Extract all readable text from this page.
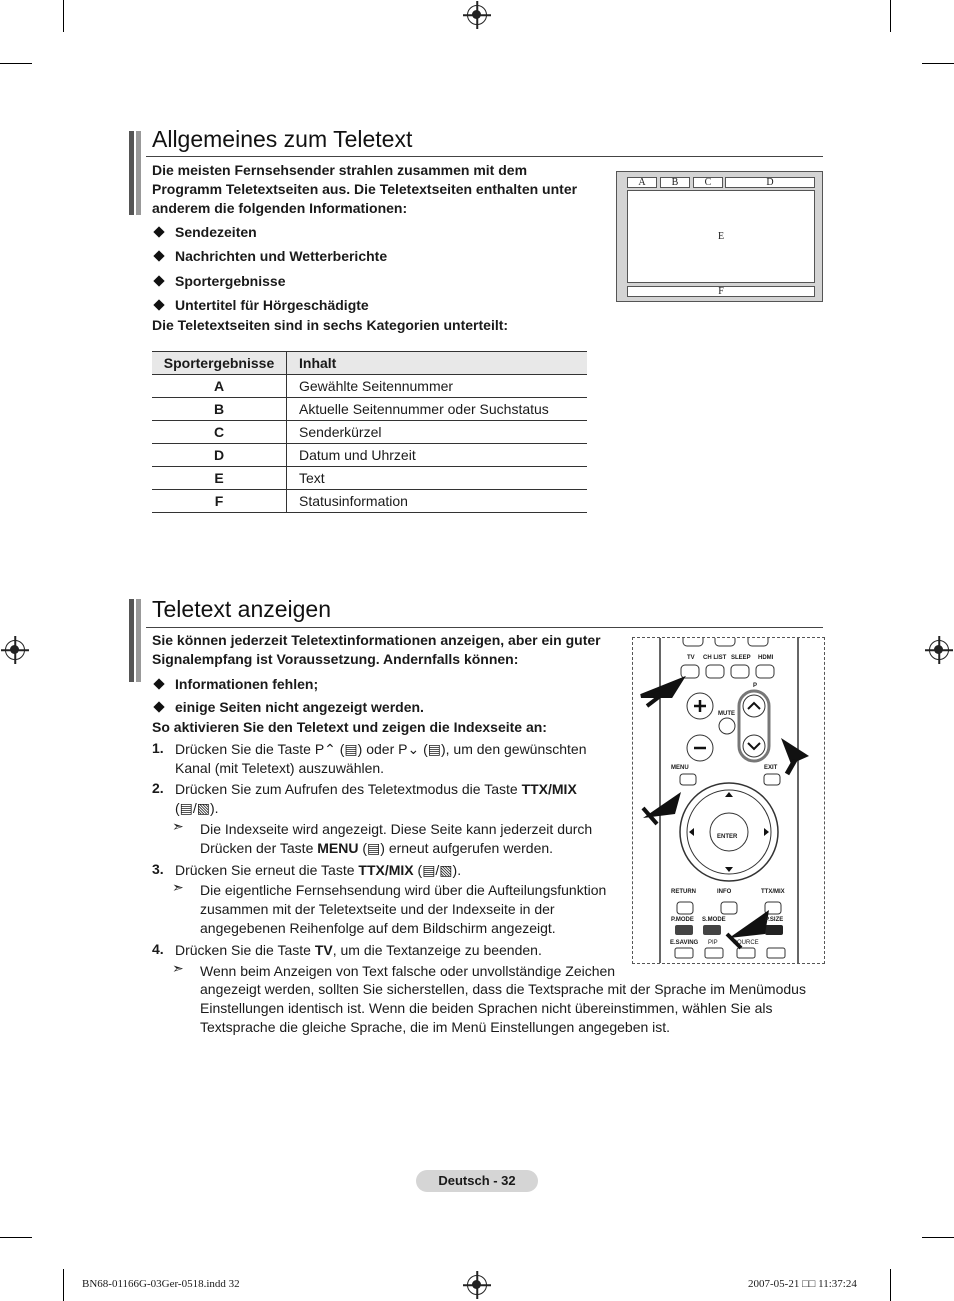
Allgemeines zum Teletext
Die meisten Fernsehsender strahlen zusammen mit dem Programm Teletextseiten aus. Die Teletextseiten enthalten unter anderem die folgenden Informationen:
Sendezeiten
Nachrichten und Wetterberichte
Sportergebnisse
Untertitel für Hörgeschädigte
Die Teletextseiten sind in sechs Kategorien unterteilt:
A	B	C	D
E
F
Sportergebnisse	Inhalt
A	Gewählte Seitennummer
B	Aktuelle Seitennummer oder Suchstatus
C	Senderkürzel
D	Datum und Uhrzeit
E	Text
F	Statusinformation
Teletext anzeigen
Sie können jederzeit Teletextinformationen anzeigen, aber ein guter Signalempfang ist Voraussetzung. Andernfalls können:
Informationen fehlen;
einige Seiten nicht angezeigt werden.
So aktivieren Sie den Teletext und zeigen die Indexseite an:
1. Drücken Sie die Taste P⌃ (▤) oder P⌄ (▤), um den gewünschten Kanal (mit Teletext) auszuwählen.
2. Drücken Sie zum Aufrufen des Teletextmodus die Taste TTX/MIX
(▤/▧).
➣ Die Indexseite wird angezeigt. Diese Seite kann jederzeit durch Drücken der Taste MENU (▤) erneut aufgerufen werden.
3. Drücken Sie erneut die Taste TTX/MIX (▤/▧).
➣ Die eigentliche Fernsehsendung wird über die Aufteilungsfunktion zusammen mit der Teletextseite und der Indexseite in der angegebenen Reihenfolge auf dem Bildschirm angezeigt.
4. Drücken Sie die Taste TV, um die Textanzeige zu beenden.
➣ Wenn beim Anzeigen von Text falsche oder unvollständige Zeichen
angezeigt werden, sollten Sie sicherstellen, dass die Textsprache mit der Sprache im Menümodus Einstellungen identisch ist. Wenn die beiden Sprachen nicht übereinstimmen, wählen Sie als Textsprache die gleiche Sprache, die im Menü Einstellungen angegeben ist.
TV CH LIST SLEEP HDMI
P
MUTE
MENU	EXIT
ENTER
RETURN	INFO	TTX/MIX
P.MODE S.MODE	P.SIZE
E.SAVING PIP	SOURCE
Deutsch - 32
BN68-01166G-03Ger-0518.indd 32	2007-05-21 □□ 11:37:24
